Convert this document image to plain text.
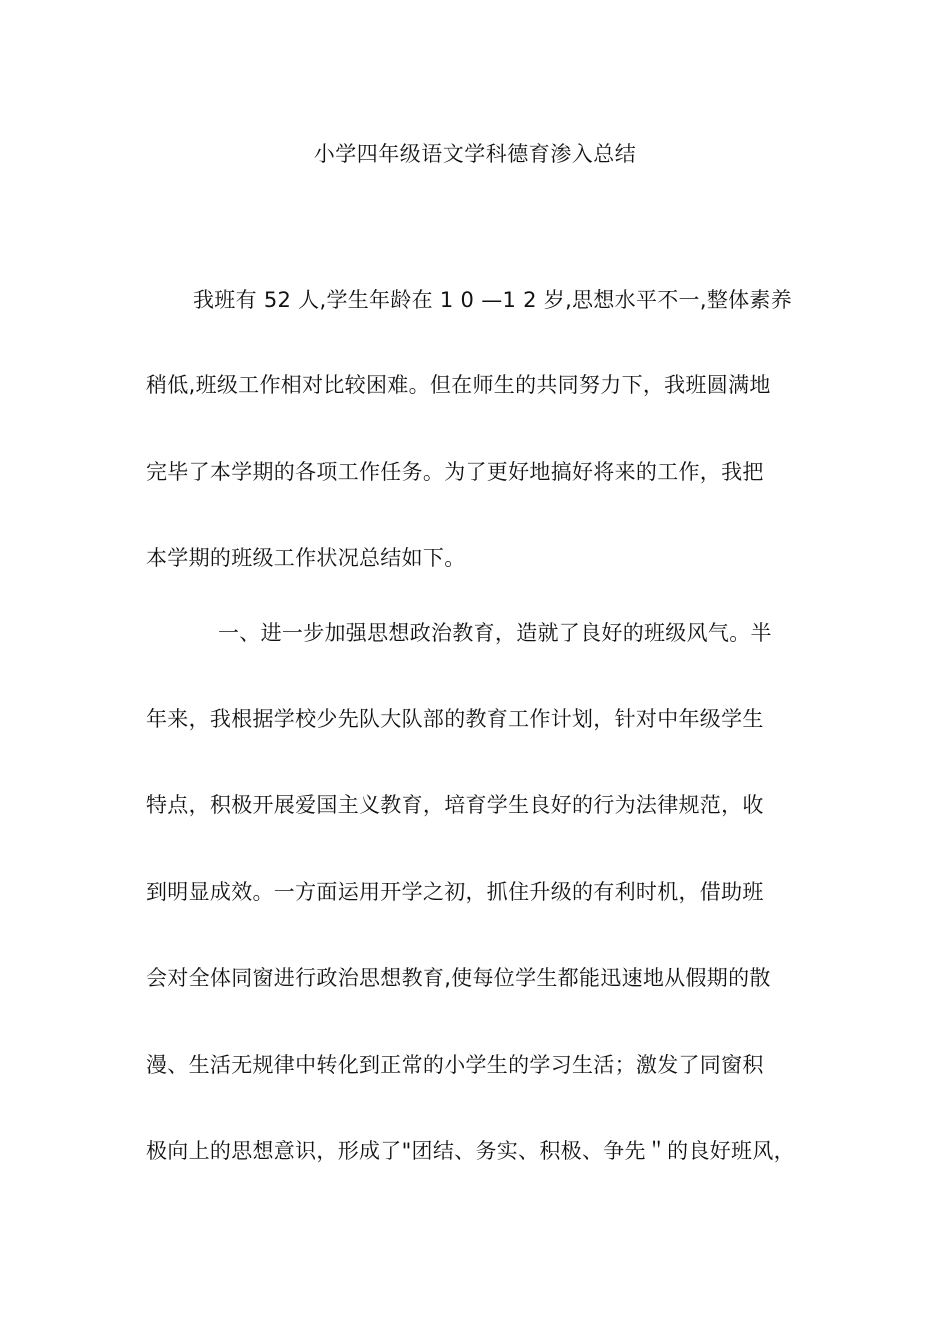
小学四年级语文学科德育渗入总结
我班有 52 人,学生年龄在 1 0 —1 2 岁,思想水平不一,整体素养
稍低,班级工作相对比较困难。但在师生的共同努力下，我班圆满地
完毕了本学期的各项工作任务。为了更好地搞好将来的工作，我把
本学期的班级工作状况总结如下。
一、进一步加强思想政治教育，造就了良好的班级风气。半
年来，我根据学校少先队大队部的教育工作计划，针对中年级学生
特点，积极开展爱国主义教育，培育学生良好的行为法律规范，收
到明显成效。一方面运用开学之初，抓住升级的有利时机，借助班
会对全体同窗进行政治思想教育,使每位学生都能迅速地从假期的散
漫、生活无规律中转化到正常的小学生的学习生活；激发了同窗积
极向上的思想意识，形成了"团结、务实、积极、争先＂的良好班风，
